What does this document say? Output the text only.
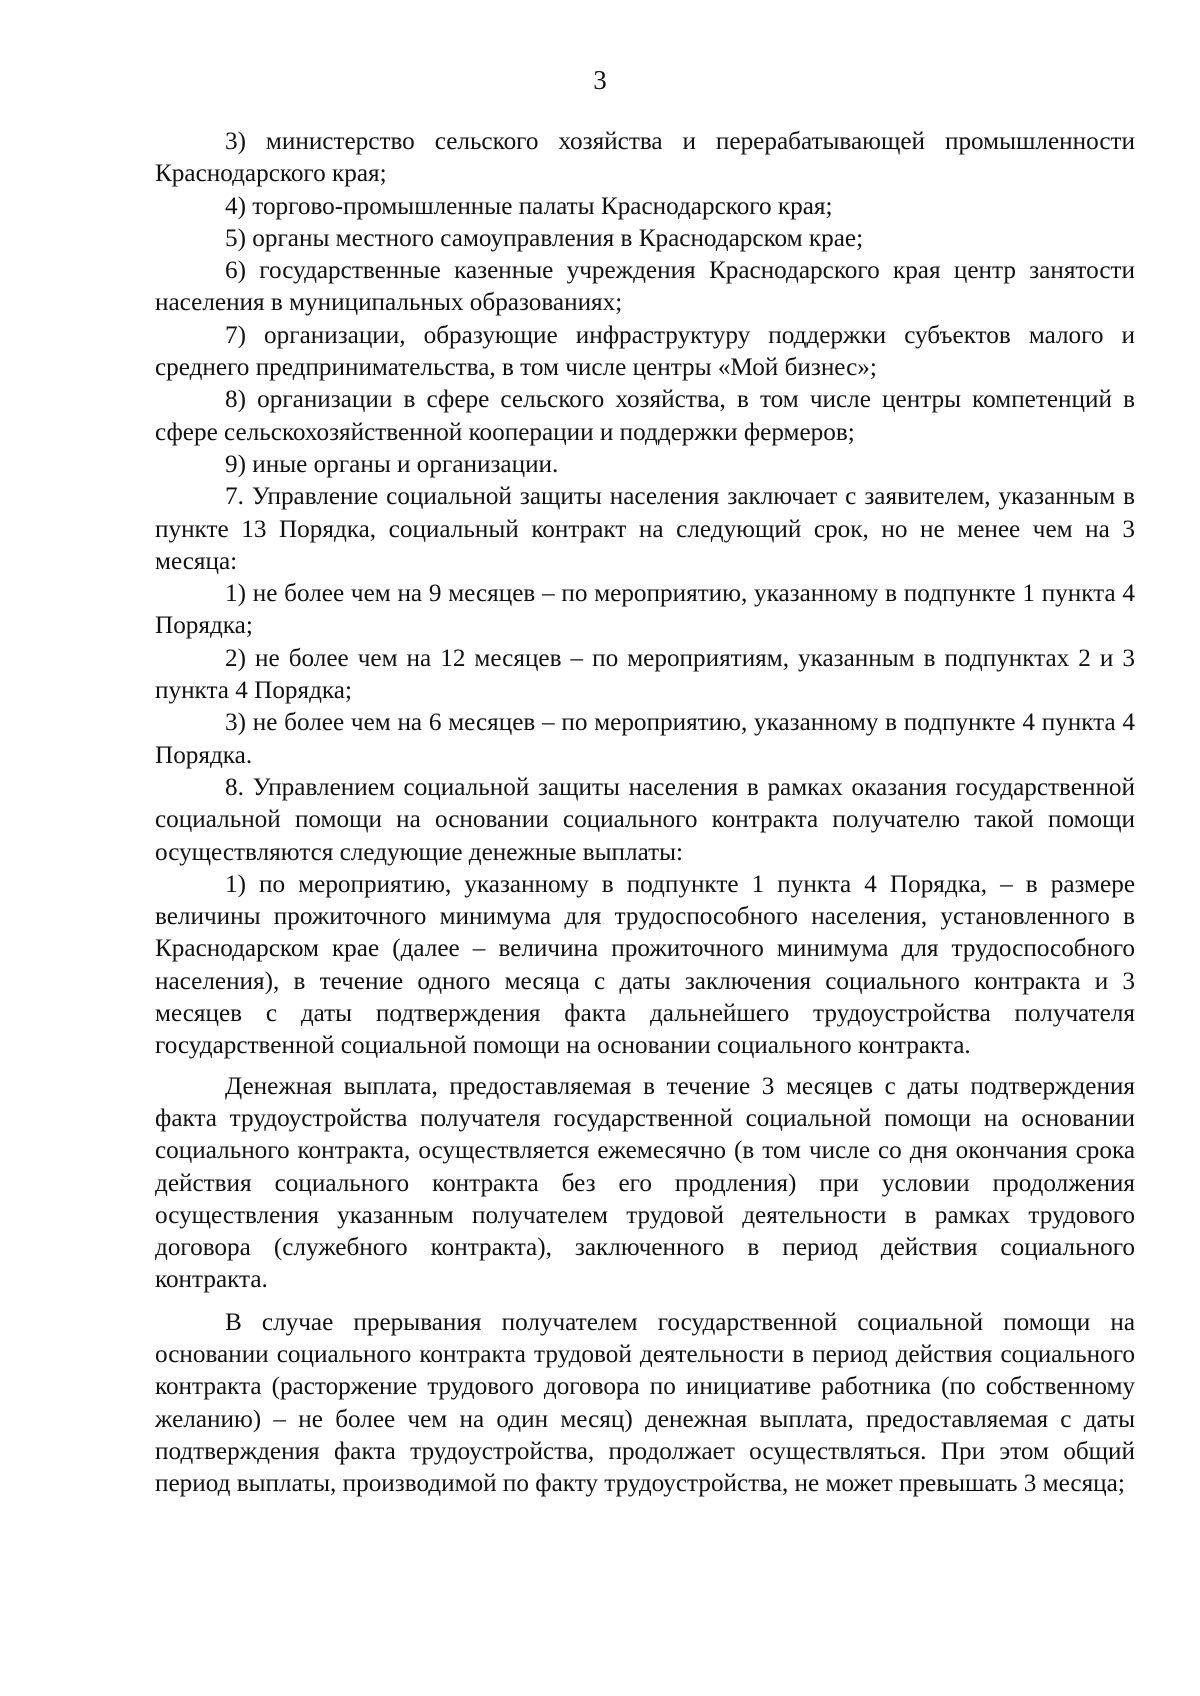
3

3) министерство сельского хозяйства и перерабатывающей промышленности Краснодарского края;

4) торгово-промышленные палаты Краснодарского края;

5) органы местного самоуправления в Краснодарском крае;

6) государственные казенные учреждения Краснодарского края центр занятости населения в муниципальных образованиях;

7) организации, образующие инфраструктуру поддержки субъектов малого и среднего предпринимательства, в том числе центры «Мой бизнес»;

8) организации в сфере сельского хозяйства, в том числе центры компетенций в сфере сельскохозяйственной кооперации и поддержки фермеров;

9) иные органы и организации.

7. Управление социальной защиты населения заключает с заявителем, указанным в пункте 13 Порядка, социальный контракт на следующий срок, но не менее чем на 3 месяца:

1) не более чем на 9 месяцев – по мероприятию, указанному в подпункте 1 пункта 4 Порядка;

2) не более чем на 12 месяцев – по мероприятиям, указанным в подпунктах 2 и 3 пункта 4 Порядка;

3) не более чем на 6 месяцев – по мероприятию, указанному в подпункте 4 пункта 4 Порядка.

8. Управлением социальной защиты населения в рамках оказания государственной социальной помощи на основании социального контракта получателю такой помощи осуществляются следующие денежные выплаты:

1) по мероприятию, указанному в подпункте 1 пункта 4 Порядка, – в размере величины прожиточного минимума для трудоспособного населения, установленного в Краснодарском крае (далее – величина прожиточного минимума для трудоспособного населения), в течение одного месяца с даты заключения социального контракта и 3 месяцев с даты подтверждения факта дальнейшего трудоустройства получателя государственной социальной помощи на основании социального контракта.

Денежная выплата, предоставляемая в течение 3 месяцев с даты подтверждения факта трудоустройства получателя государственной социальной помощи на основании социального контракта, осуществляется ежемесячно (в том числе со дня окончания срока действия социального контракта без его продления) при условии продолжения осуществления указанным получателем трудовой деятельности в рамках трудового договора (служебного контракта), заключенного в период действия социального контракта.

В случае прерывания получателем государственной социальной помощи на основании социального контракта трудовой деятельности в период действия социального контракта (расторжение трудового договора по инициативе работника (по собственному желанию) – не более чем на один месяц) денежная выплата, предоставляемая с даты подтверждения факта трудоустройства, продолжает осуществляться. При этом общий период выплаты, производимой по факту трудоустройства, не может превышать 3 месяца;
